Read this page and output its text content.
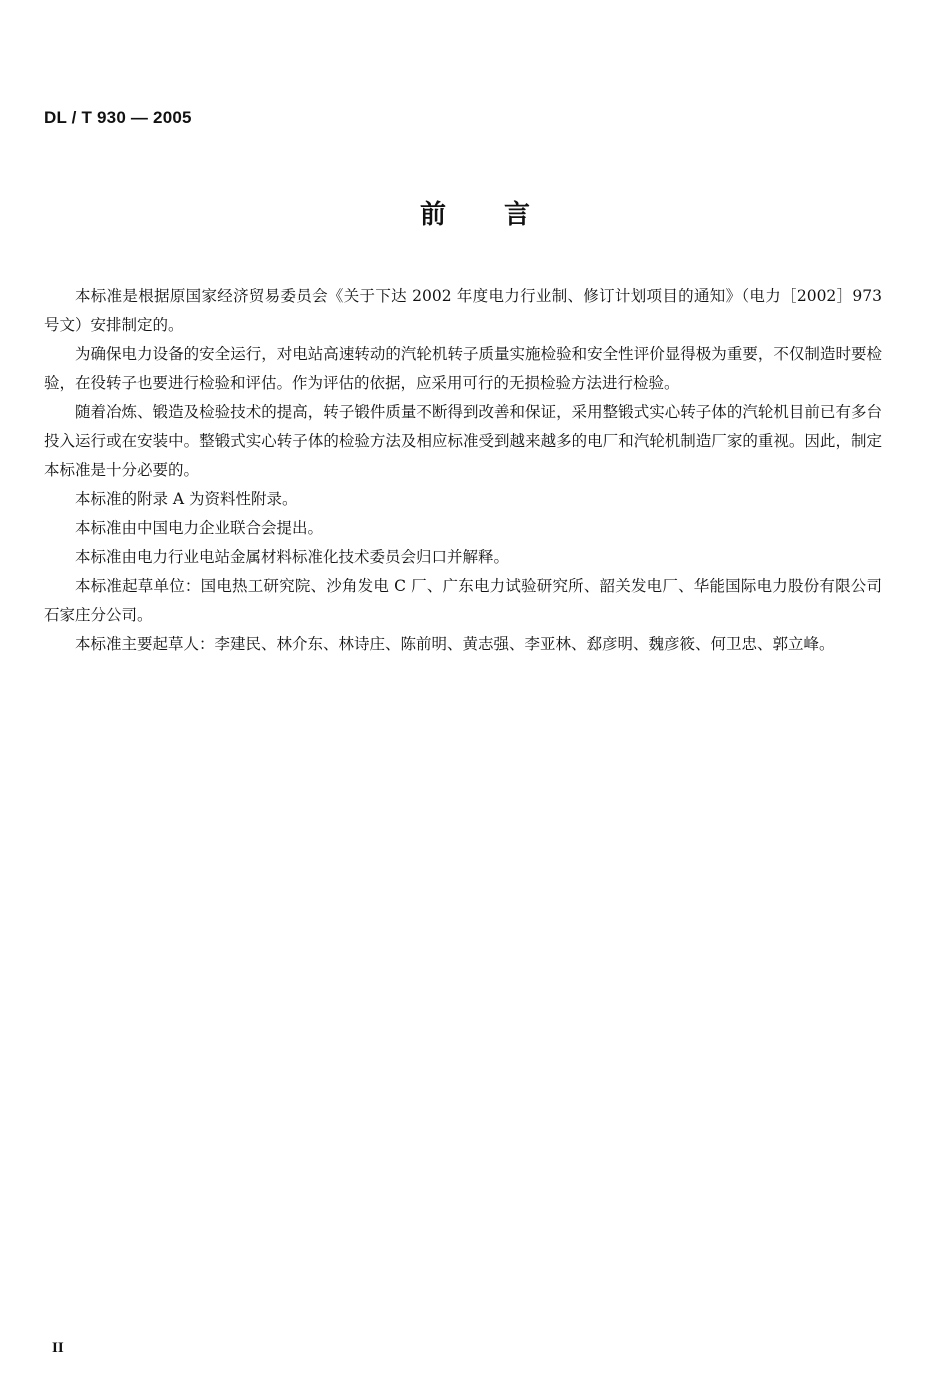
DL / T 930 — 2005
前言

本标准是根据原国家经济贸易委员会《关于下达 2002 年度电力行业制、修订计划项目的通知》（电力［2002］973 号文）安排制定的。

为确保电力设备的安全运行，对电站高速转动的汽轮机转子质量实施检验和安全性评价显得极为重要，不仅制造时要检验，在役转子也要进行检验和评估。作为评估的依据，应采用可行的无损检验方法进行检验。

随着冶炼、锻造及检验技术的提高，转子锻件质量不断得到改善和保证，采用整锻式实心转子体的汽轮机目前已有多台投入运行或在安装中。整锻式实心转子体的检验方法及相应标准受到越来越多的电厂和汽轮机制造厂家的重视。因此，制定本标准是十分必要的。

本标准的附录 A 为资料性附录。

本标准由中国电力企业联合会提出。

本标准由电力行业电站金属材料标准化技术委员会归口并解释。

本标准起草单位：国电热工研究院、沙角发电 C 厂、广东电力试验研究所、韶关发电厂、华能国际电力股份有限公司石家庄分公司。

本标准主要起草人：李建民、林介东、林诗庄、陈前明、黄志强、李亚林、郄彦明、魏彦筱、何卫忠、郭立峰。

II
